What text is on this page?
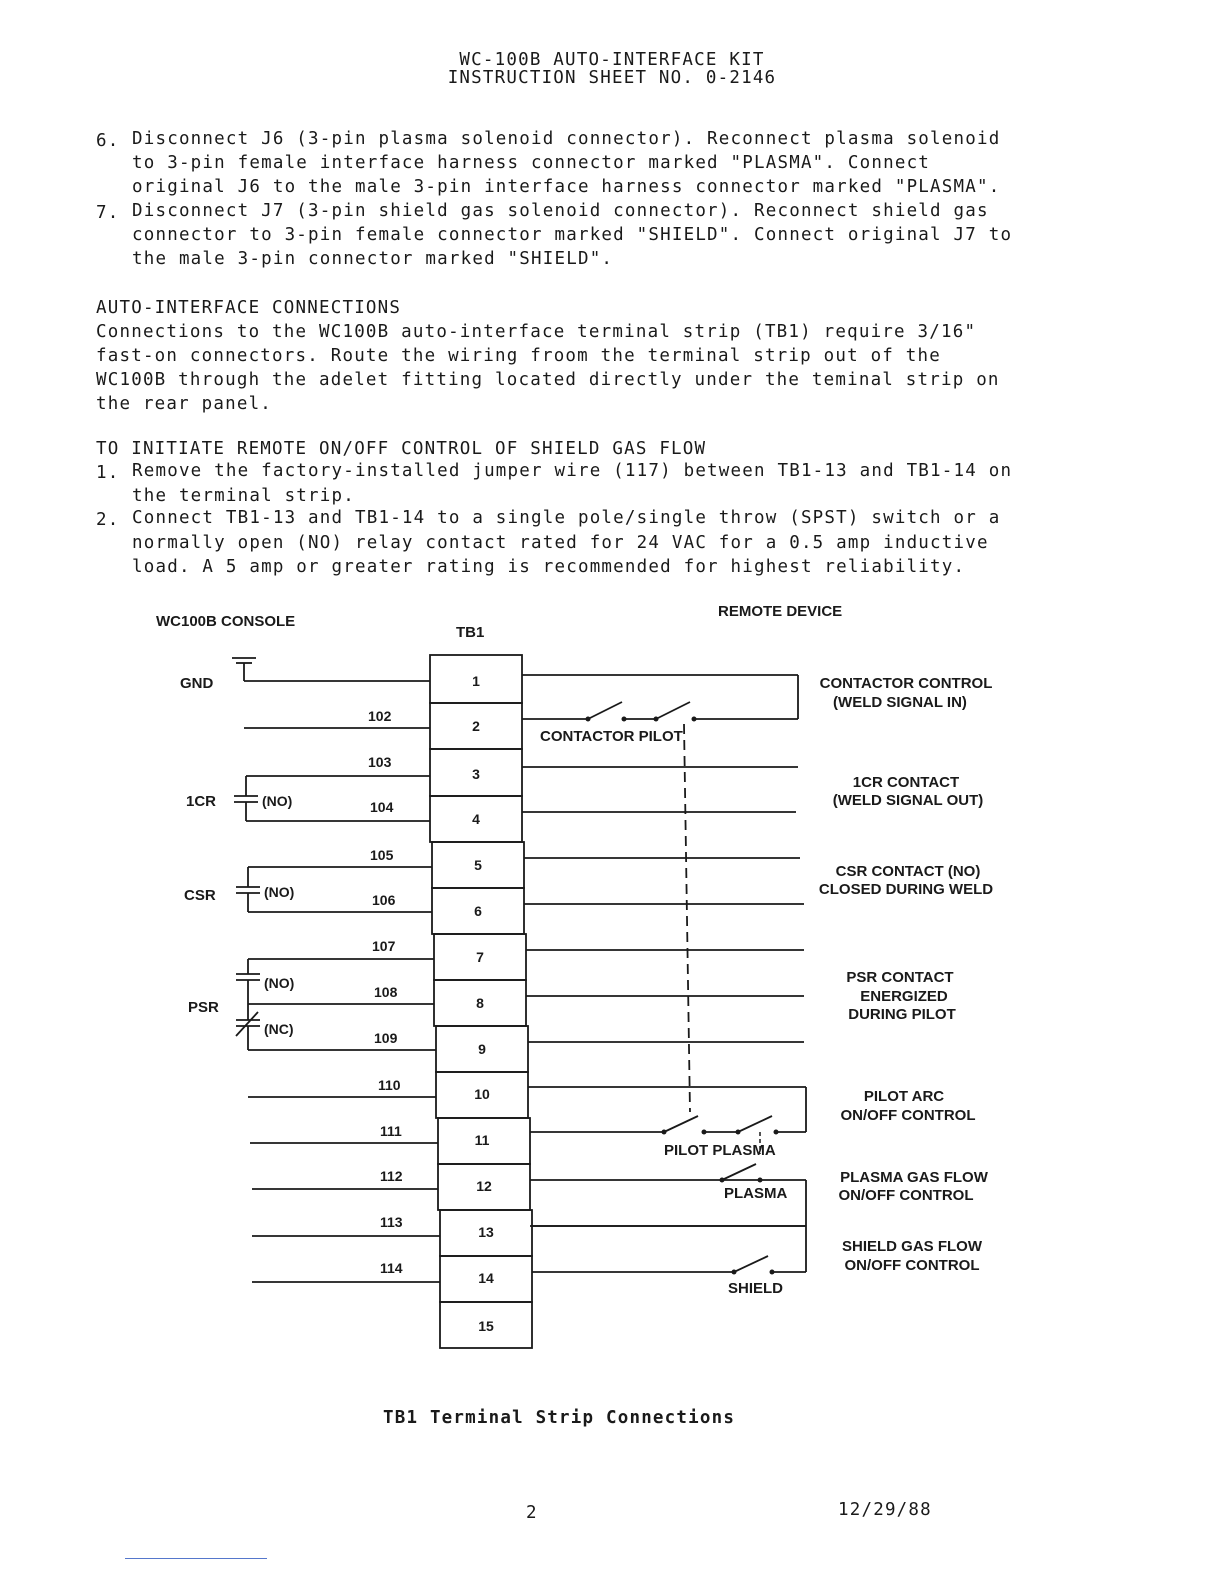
WC-100B AUTO-INTERFACE KIT
INSTRUCTION SHEET NO. 0-2146
6. Disconnect J6 (3-pin plasma solenoid connector). Reconnect plasma solenoid
to 3-pin female interface harness connector marked "PLASMA". Connect
original J6 to the male 3-pin interface harness connector marked "PLASMA".
7. Disconnect J7 (3-pin shield gas solenoid connector). Reconnect shield gas
connector to 3-pin female connector marked "SHIELD". Connect original J7 to
the male 3-pin connector marked "SHIELD".
AUTO-INTERFACE CONNECTIONS
Connections to the WC100B auto-interface terminal strip (TB1) require 3/16"
fast-on connectors. Route the wiring froom the terminal strip out of the
WC100B through the adelet fitting located directly under the teminal strip on
the rear panel.
TO INITIATE REMOTE ON/OFF CONTROL OF SHIELD GAS FLOW
1. Remove the factory-installed jumper wire (117) between TB1-13 and TB1-14 on
the terminal strip.
2. Connect TB1-13 and TB1-14 to a single pole/single throw (SPST) switch or a
normally open (NO) relay contact rated for 24 VAC for a 0.5 amp inductive
load. A 5 amp or greater rating is recommended for highest reliability.
WC100B CONSOLE
TB1
REMOTE DEVICE
GND
1CR
CSR
PSR
(NO)
(NO)
(NO)
(NC)
102
103
104
105
106
107
108
109
110
111
112
113
114
1
2
3
4
5
6
7
8
9
10
11
12
13
14
15
CONTACTOR PILOT
PILOT PLASMA
PLASMA
SHIELD
CONTACTOR CONTROL
(WELD SIGNAL IN)
1CR CONTACT
(WELD SIGNAL OUT)
CSR CONTACT (NO)
CLOSED DURING WELD
PSR CONTACT
ENERGIZED
DURING PILOT
PILOT ARC
ON/OFF CONTROL
PLASMA GAS FLOW
ON/OFF CONTROL
SHIELD GAS FLOW
ON/OFF CONTROL
TB1 Terminal Strip Connections
2	12/29/88
